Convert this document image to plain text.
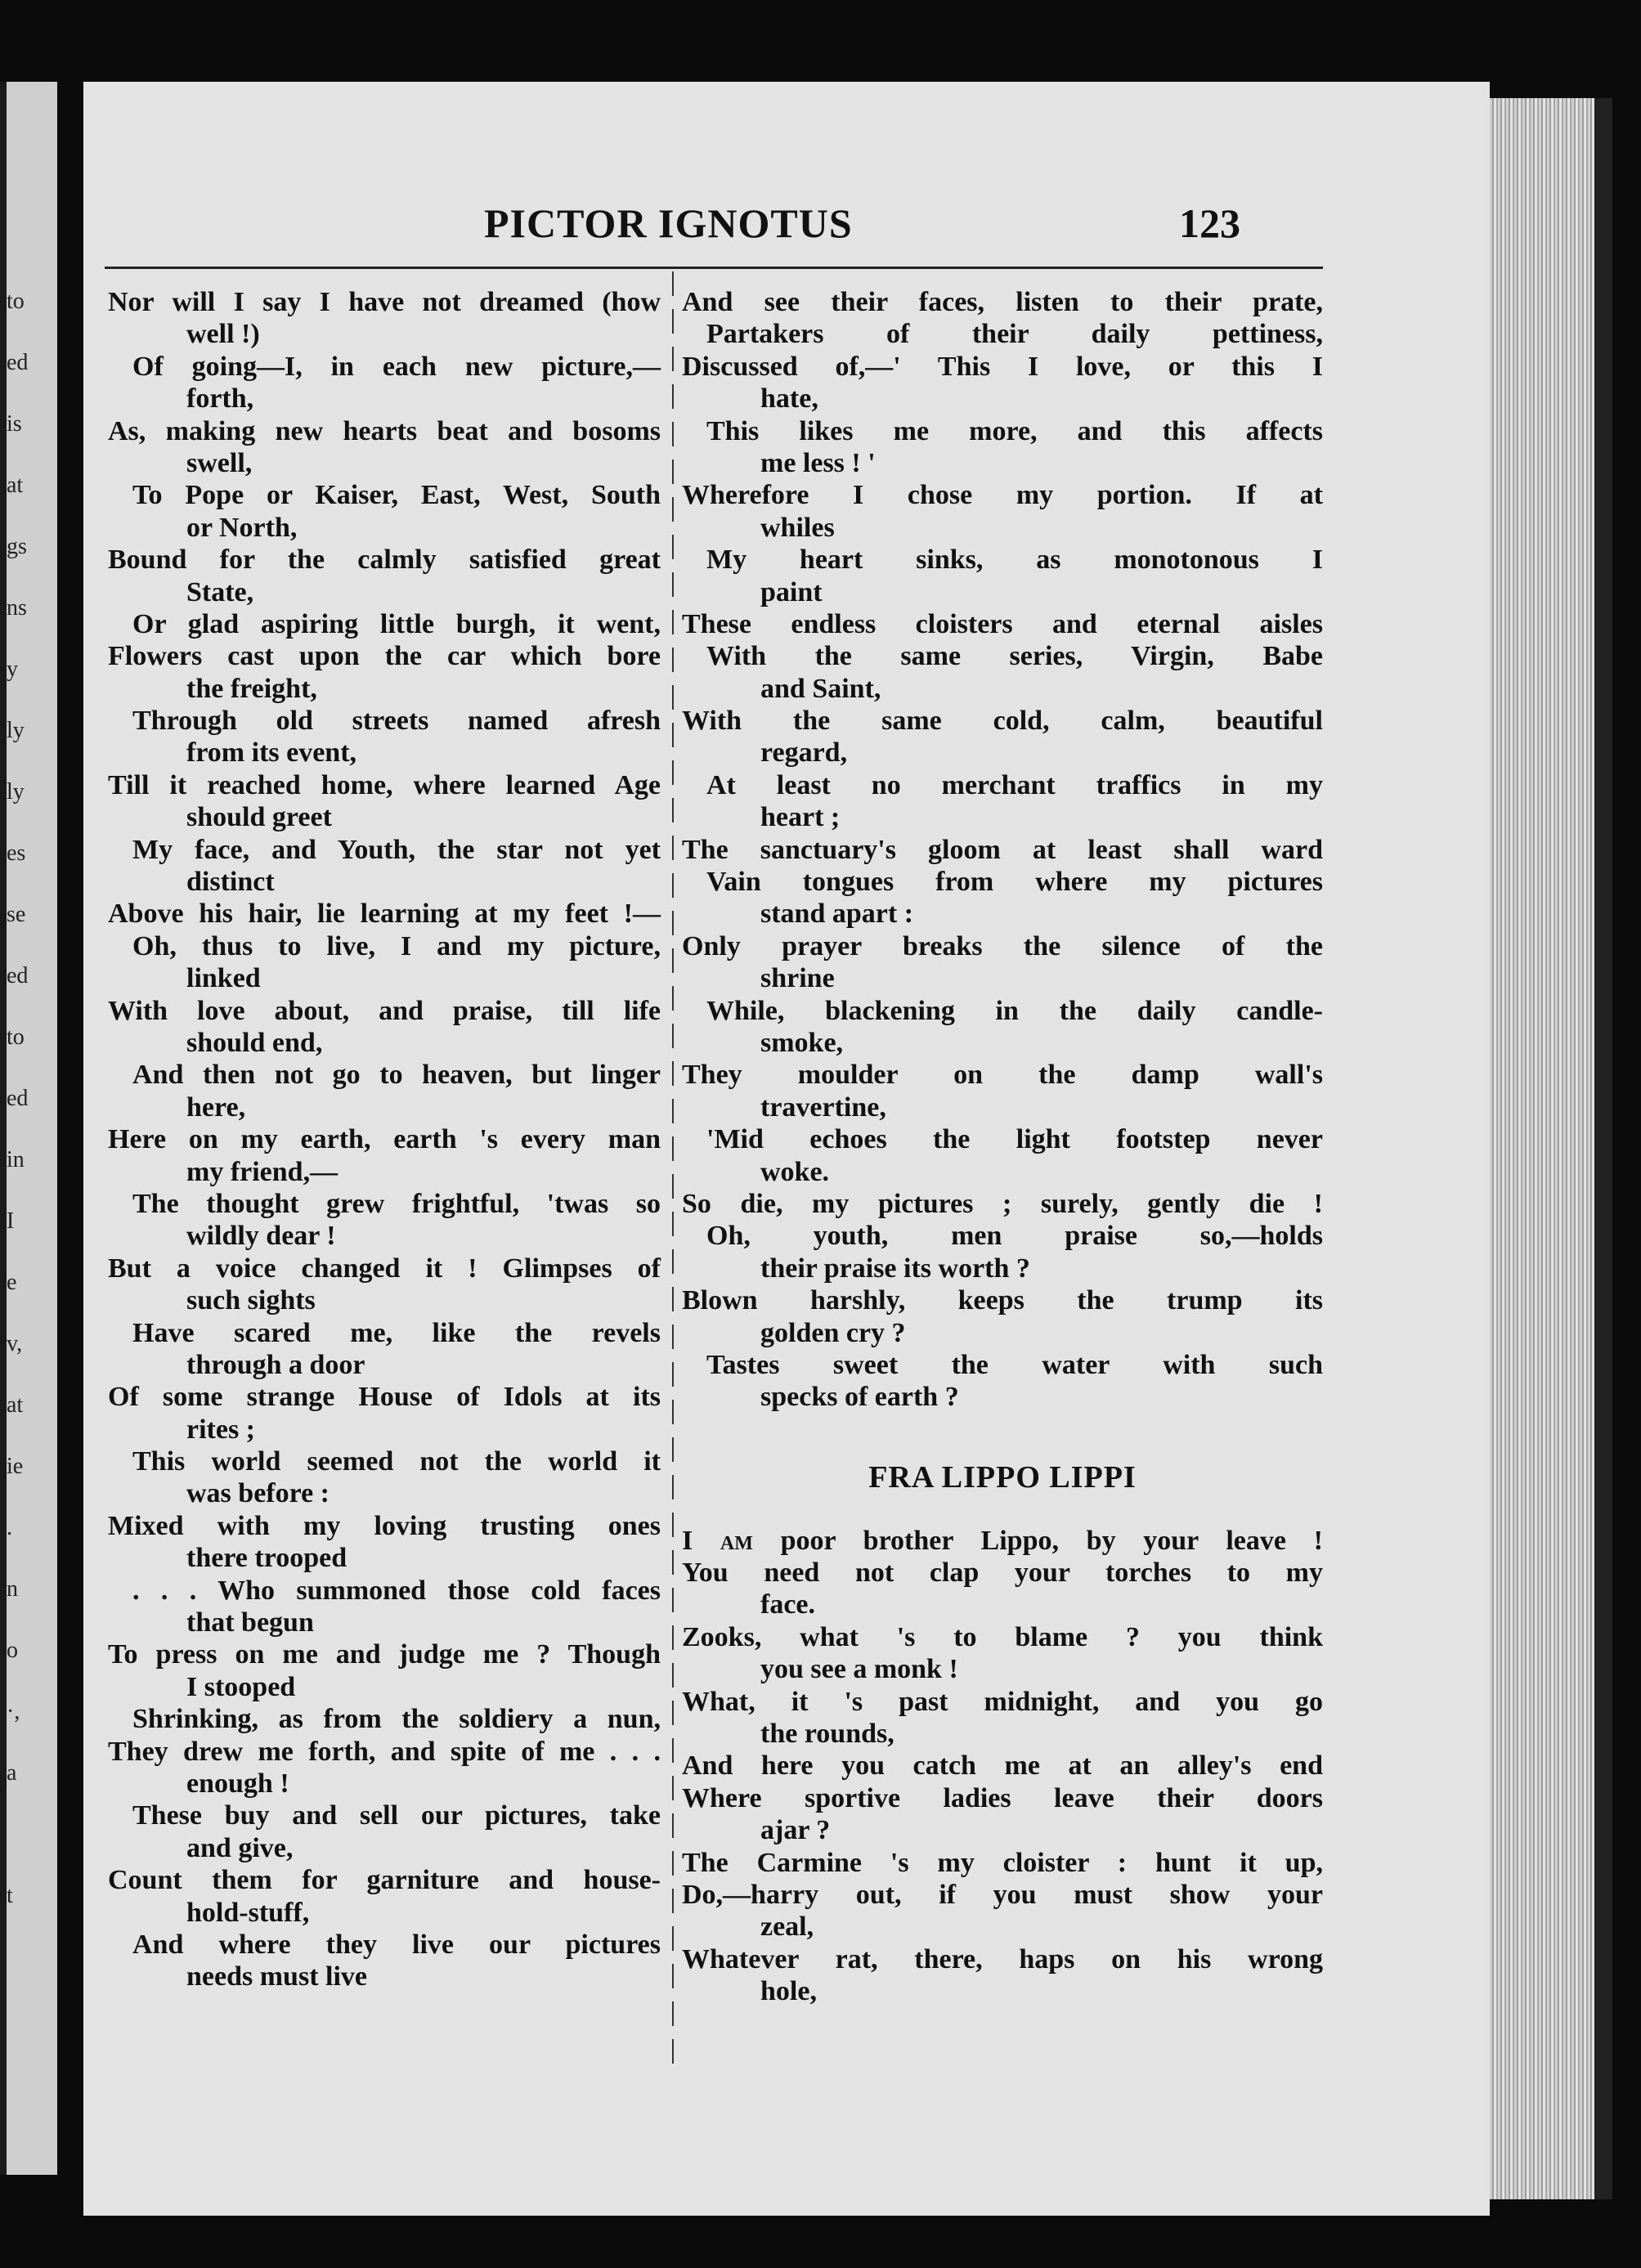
to
ed
is
at
gs
ns
y
ly
ly
es
se
ed
to
ed
in
I
e
v,
at
ie
.
n
o
·,
a
t
PICTOR IGNOTUS	123
Nor will I say I have not dreamed (how
well !)
Of going—I, in each new picture,—
forth,
As, making new hearts beat and bosoms
swell,
To Pope or Kaiser, East, West, South
or North,
Bound for the calmly satisfied great
State,
Or glad aspiring little burgh, it went,
Flowers cast upon the car which bore
the freight,
Through old streets named afresh
from its event,
Till it reached home, where learned Age
should greet
My face, and Youth, the star not yet
distinct
Above his hair, lie learning at my feet !—
Oh, thus to live, I and my picture,
linked
With love about, and praise, till life
should end,
And then not go to heaven, but linger
here,
Here on my earth, earth 's every man
my friend,—
The thought grew frightful, 'twas so
wildly dear !
But a voice changed it ! Glimpses of
such sights
Have scared me, like the revels
through a door
Of some strange House of Idols at its
rites ;
This world seemed not the world it
was before :
Mixed with my loving trusting ones
there trooped
. . . Who summoned those cold faces
that begun
To press on me and judge me ? Though
I stooped
Shrinking, as from the soldiery a nun,
They drew me forth, and spite of me . . .
enough !
These buy and sell our pictures, take
and give,
Count them for garniture and house-
hold-stuff,
And where they live our pictures
needs must live
And see their faces, listen to their prate,
Partakers of their daily pettiness,
Discussed of,—' This I love, or this I
hate,
This likes me more, and this affects
me less ! '
Wherefore I chose my portion. If at
whiles
My heart sinks, as monotonous I
paint
These endless cloisters and eternal aisles
With the same series, Virgin, Babe
and Saint,
With the same cold, calm, beautiful
regard,
At least no merchant traffics in my
heart ;
The sanctuary's gloom at least shall ward
Vain tongues from where my pictures
stand apart :
Only prayer breaks the silence of the
shrine
While, blackening in the daily candle-
smoke,
They moulder on the damp wall's
travertine,
'Mid echoes the light footstep never
woke.
So die, my pictures ; surely, gently die !
Oh, youth, men praise so,—holds
their praise its worth ?
Blown harshly, keeps the trump its
golden cry ?
Tastes sweet the water with such
specks of earth ?
FRA LIPPO LIPPI
I am poor brother Lippo, by your leave !
You need not clap your torches to my
face.
Zooks, what 's to blame ? you think
you see a monk !
What, it 's past midnight, and you go
the rounds,
And here you catch me at an alley's end
Where sportive ladies leave their doors
ajar ?
The Carmine 's my cloister : hunt it up,
Do,—harry out, if you must show your
zeal,
Whatever rat, there, haps on his wrong
hole,
